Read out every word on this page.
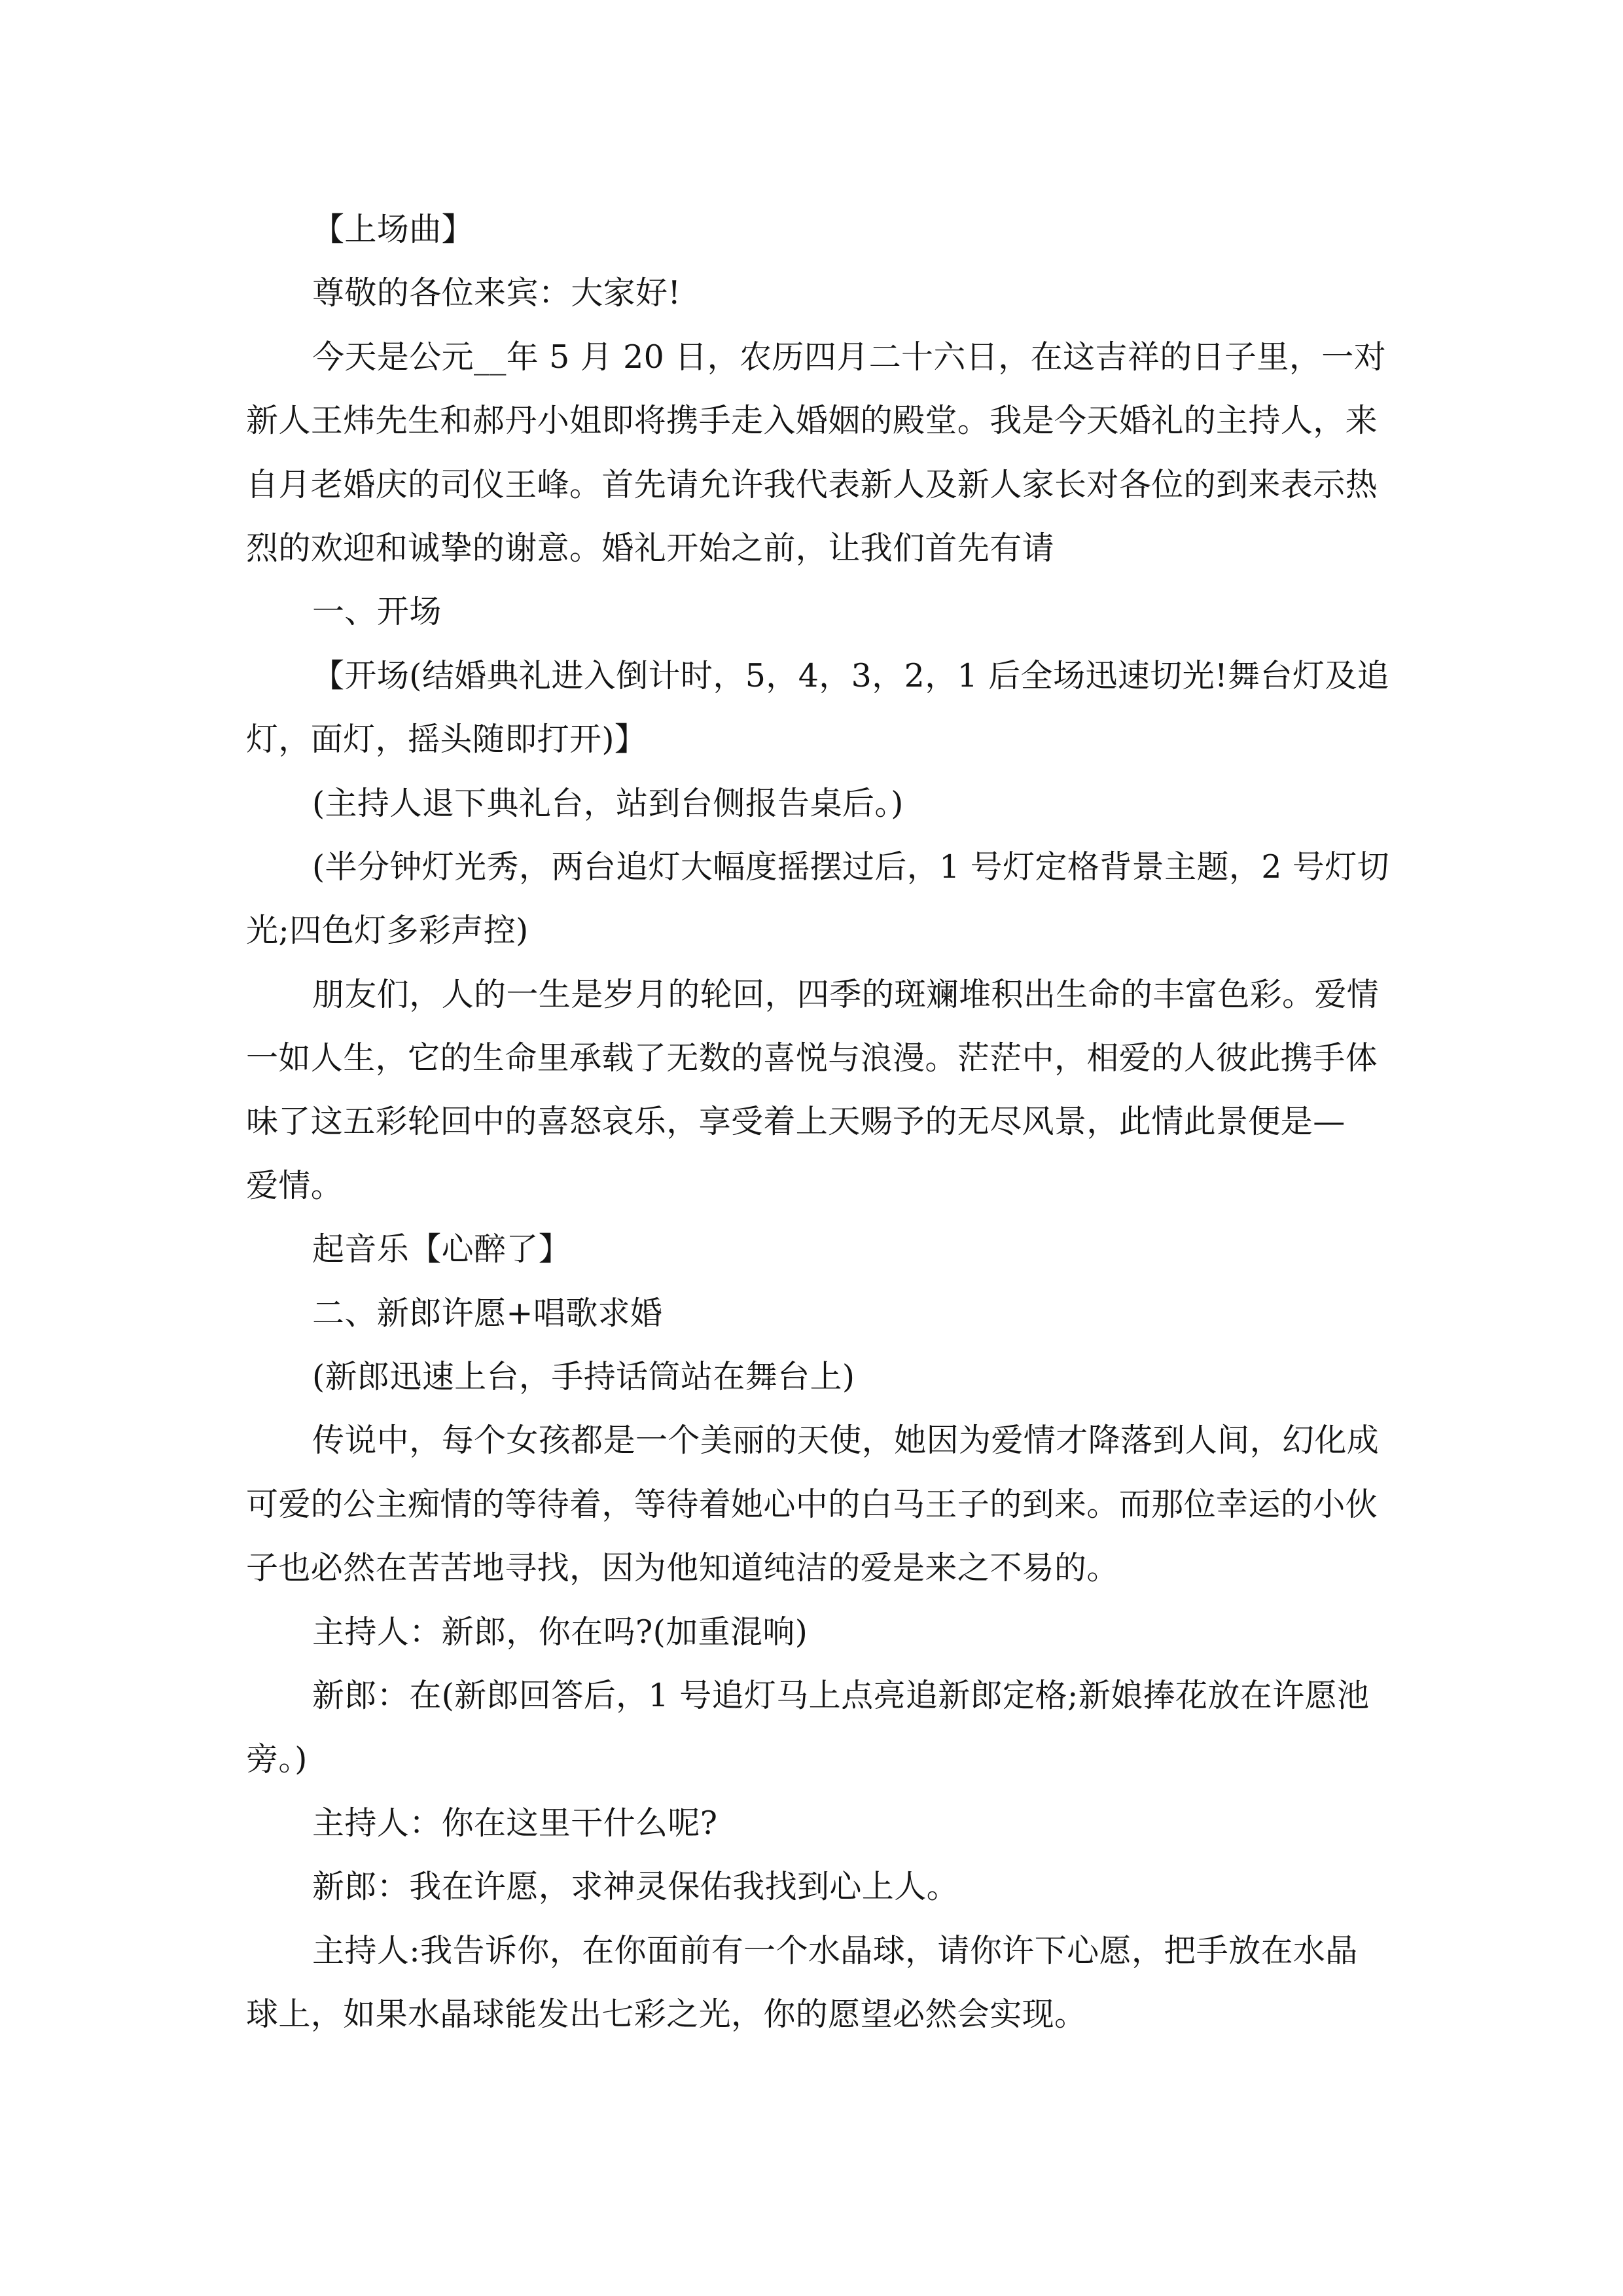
【上场曲】
尊敬的各位来宾：大家好!
今天是公元__年 5 月 20 日，农历四月二十六日，在这吉祥的日子里，一对
新人王炜先生和郝丹小姐即将携手走入婚姻的殿堂。我是今天婚礼的主持人，来
自月老婚庆的司仪王峰。首先请允许我代表新人及新人家长对各位的到来表示热
烈的欢迎和诚挚的谢意。婚礼开始之前，让我们首先有请
一、开场
【开场(结婚典礼进入倒计时，5，4，3，2，1 后全场迅速切光!舞台灯及追
灯，面灯，摇头随即打开)】
(主持人退下典礼台，站到台侧报告桌后。)
(半分钟灯光秀，两台追灯大幅度摇摆过后，1 号灯定格背景主题，2 号灯切
光;四色灯多彩声控)
朋友们，人的一生是岁月的轮回，四季的斑斓堆积出生命的丰富色彩。爱情
一如人生，它的生命里承载了无数的喜悦与浪漫。茫茫中，相爱的人彼此携手体
味了这五彩轮回中的喜怒哀乐，享受着上天赐予的无尽风景，此情此景便是—
爱情。
起音乐【心醉了】
二、新郎许愿+唱歌求婚
(新郎迅速上台，手持话筒站在舞台上)
传说中，每个女孩都是一个美丽的天使，她因为爱情才降落到人间，幻化成
可爱的公主痴情的等待着，等待着她心中的白马王子的到来。而那位幸运的小伙
子也必然在苦苦地寻找，因为他知道纯洁的爱是来之不易的。
主持人：新郎，你在吗?(加重混响)
新郎：在(新郎回答后，1 号追灯马上点亮追新郎定格;新娘捧花放在许愿池
旁。)
主持人：你在这里干什么呢?
新郎：我在许愿，求神灵保佑我找到心上人。
主持人:我告诉你，在你面前有一个水晶球，请你许下心愿，把手放在水晶
球上，如果水晶球能发出七彩之光，你的愿望必然会实现。
